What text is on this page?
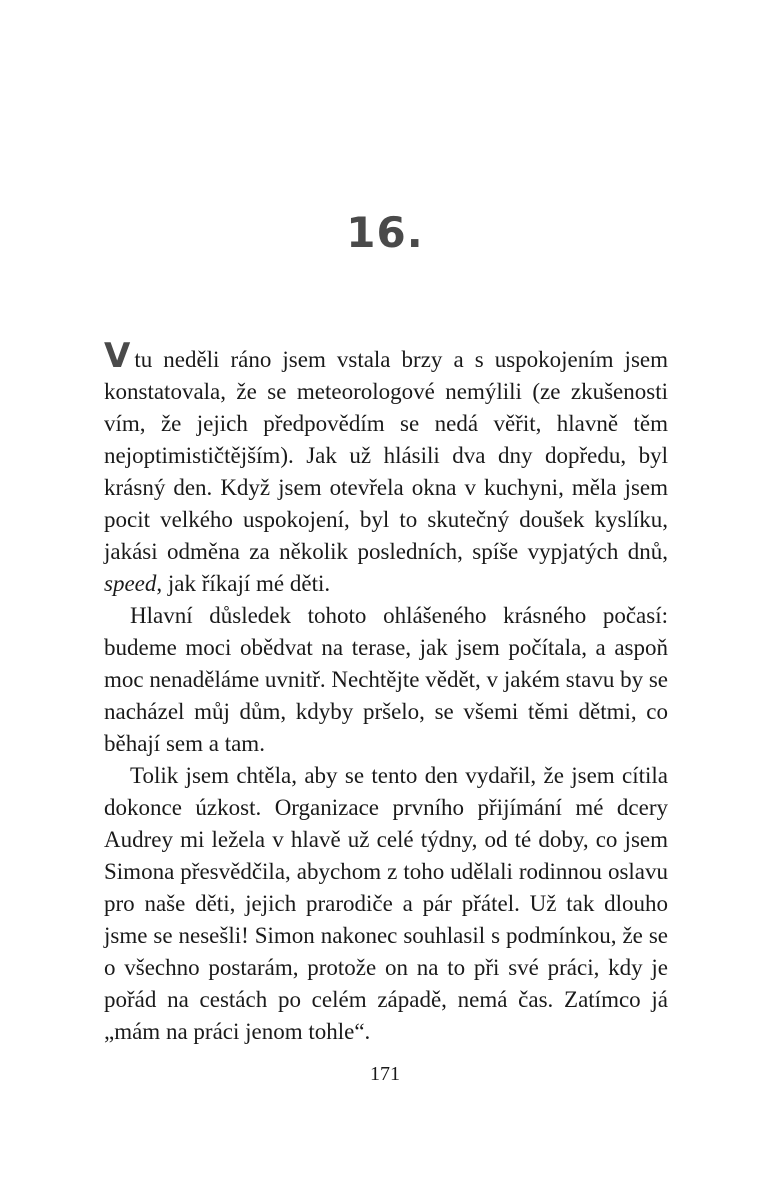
16.

V tu neděli ráno jsem vstala brzy a s uspokojením jsem konstatovala, že se meteorologové nemýlili (ze zkušenosti vím, že jejich předpovědím se nedá věřit, hlavně těm nejoptimističtějším). Jak už hlásili dva dny dopředu, byl krásný den. Když jsem otevřela okna v kuchyni, měla jsem pocit velkého uspokojení, byl to skutečný doušek kyslíku, jakási odměna za několik posledních, spíše vypjatých dnů, speed, jak říkají mé děti.

Hlavní důsledek tohoto ohlášeného krásného počasí: budeme moci obědvat na terase, jak jsem počítala, a aspoň moc nenaděláme uvnitř. Nechtějte vědět, v jakém stavu by se nacházel můj dům, kdyby pršelo, se všemi těmi dětmi, co běhají sem a tam.

Tolik jsem chtěla, aby se tento den vydařil, že jsem cítila dokonce úzkost. Organizace prvního přijímání mé dcery Audrey mi ležela v hlavě už celé týdny, od té doby, co jsem Simona přesvědčila, abychom z toho udělali rodinnou oslavu pro naše děti, jejich prarodiče a pár přátel. Už tak dlouho jsme se nesešli! Simon nakonec souhlasil s podmínkou, že se o všechno postarám, protože on na to při své práci, kdy je pořád na cestách po celém západě, nemá čas. Zatímco já „mám na práci jenom tohle“.

171
